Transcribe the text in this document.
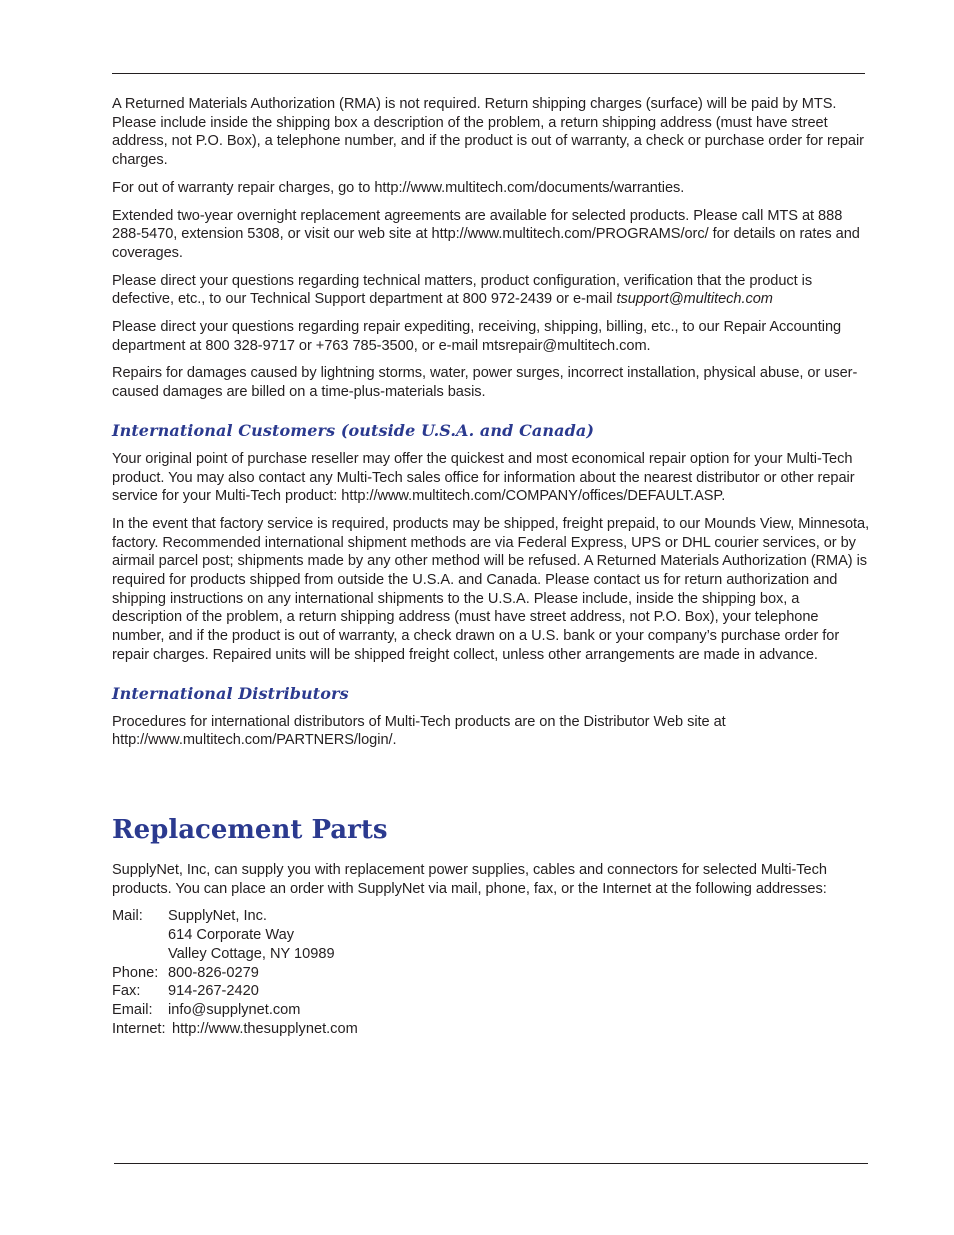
A Returned Materials Authorization (RMA) is not required. Return shipping charges (surface) will be paid by MTS. Please include inside the shipping box a description of the problem, a return shipping address (must have street address, not P.O. Box), a telephone number, and if the product is out of warranty, a check or purchase order for repair charges.

For out of warranty repair charges, go to http://www.multitech.com/documents/warranties.

Extended two-year overnight replacement agreements are available for selected products. Please call MTS at 888 288-5470, extension 5308, or visit our web site at http://www.multitech.com/PROGRAMS/orc/ for details on rates and coverages.

Please direct your questions regarding technical matters, product configuration, verification that the product is defective, etc., to our Technical Support department at 800 972-2439 or e-mail tsupport@multitech.com

Please direct your questions regarding repair expediting, receiving, shipping, billing, etc., to our Repair Accounting department at 800 328-9717 or +763 785-3500, or e-mail mtsrepair@multitech.com.

Repairs for damages caused by lightning storms, water, power surges, incorrect installation, physical abuse, or user-caused damages are billed on a time-plus-materials basis.

International Customers (outside U.S.A. and Canada)

Your original point of purchase reseller may offer the quickest and most economical repair option for your Multi-Tech product. You may also contact any Multi-Tech sales office for information about the nearest distributor or other repair service for your Multi-Tech product: http://www.multitech.com/COMPANY/offices/DEFAULT.ASP.

In the event that factory service is required, products may be shipped, freight prepaid, to our Mounds View, Minnesota, factory. Recommended international shipment methods are via Federal Express, UPS or DHL courier services, or by airmail parcel post; shipments made by any other method will be refused. A Returned Materials Authorization (RMA) is required for products shipped from outside the U.S.A. and Canada. Please contact us for return authorization and shipping instructions on any international shipments to the U.S.A. Please include, inside the shipping box, a description of the problem, a return shipping address (must have street address, not P.O. Box), your telephone number, and if the product is out of warranty, a check drawn on a U.S. bank or your company’s purchase order for repair charges. Repaired units will be shipped freight collect, unless other arrangements are made in advance.

International Distributors

Procedures for international distributors of Multi-Tech products are on the Distributor Web site at http://www.multitech.com/PARTNERS/login/.

Replacement Parts

SupplyNet, Inc, can supply you with replacement power supplies, cables and connectors for selected Multi-Tech products. You can place an order with SupplyNet via mail, phone, fax, or the Internet at the following addresses:

Mail:	SupplyNet, Inc.
614 Corporate Way
Valley Cottage, NY 10989
Phone: 800-826-0279
Fax:	914-267-2420
Email:	info@supplynet.com
Internet: http://www.thesupplynet.com
